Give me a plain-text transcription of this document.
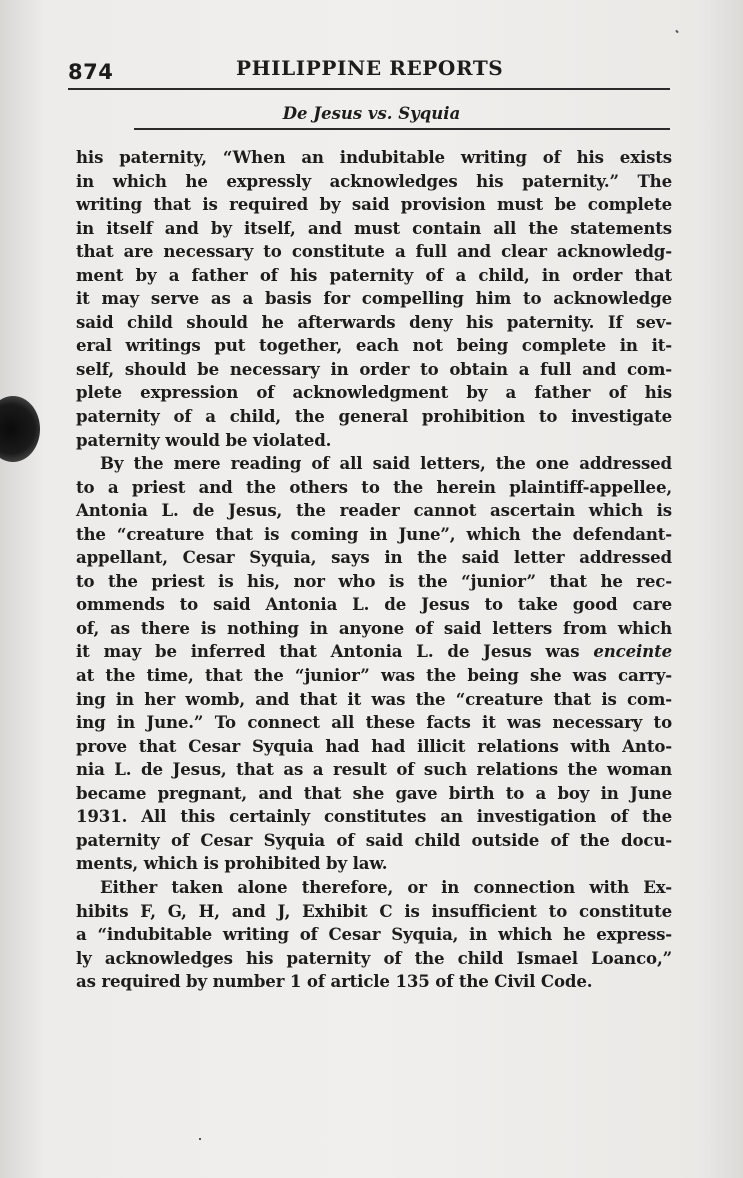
874	PHILIPPINE REPORTS
De Jesus vs. Syquia
his paternity, “When an indubitable writing of his exists
in which he expressly acknowledges his paternity.” The
writing that is required by said provision must be complete
in itself and by itself, and must contain all the statements
that are necessary to constitute a full and clear acknowledg-
ment by a father of his paternity of a child, in order that
it may serve as a basis for compelling him to acknowledge
said child should he afterwards deny his paternity. If sev-
eral writings put together, each not being complete in it-
self, should be necessary in order to obtain a full and com-
plete expression of acknowledgment by a father of his
paternity of a child, the general prohibition to investigate
paternity would be violated.
By the mere reading of all said letters, the one addressed
to a priest and the others to the herein plaintiff-appellee,
Antonia L. de Jesus, the reader cannot ascertain which is
the “creature that is coming in June”, which the defendant-
appellant, Cesar Syquia, says in the said letter addressed
to the priest is his, nor who is the “junior” that he rec-
ommends to said Antonia L. de Jesus to take good care
of, as there is nothing in anyone of said letters from which
it may be inferred that Antonia L. de Jesus was enceinte
at the time, that the “junior” was the being she was carry-
ing in her womb, and that it was the “creature that is com-
ing in June.” To connect all these facts it was necessary to
prove that Cesar Syquia had had illicit relations with Anto-
nia L. de Jesus, that as a result of such relations the woman
became pregnant, and that she gave birth to a boy in June
1931. All this certainly constitutes an investigation of the
paternity of Cesar Syquia of said child outside of the docu-
ments, which is prohibited by law.
Either taken alone therefore, or in connection with Ex-
hibits F, G, H, and J, Exhibit C is insufficient to constitute
a “indubitable writing of Cesar Syquia, in which he express-
ly acknowledges his paternity of the child Ismael Loanco,”
as required by number 1 of article 135 of the Civil Code.
